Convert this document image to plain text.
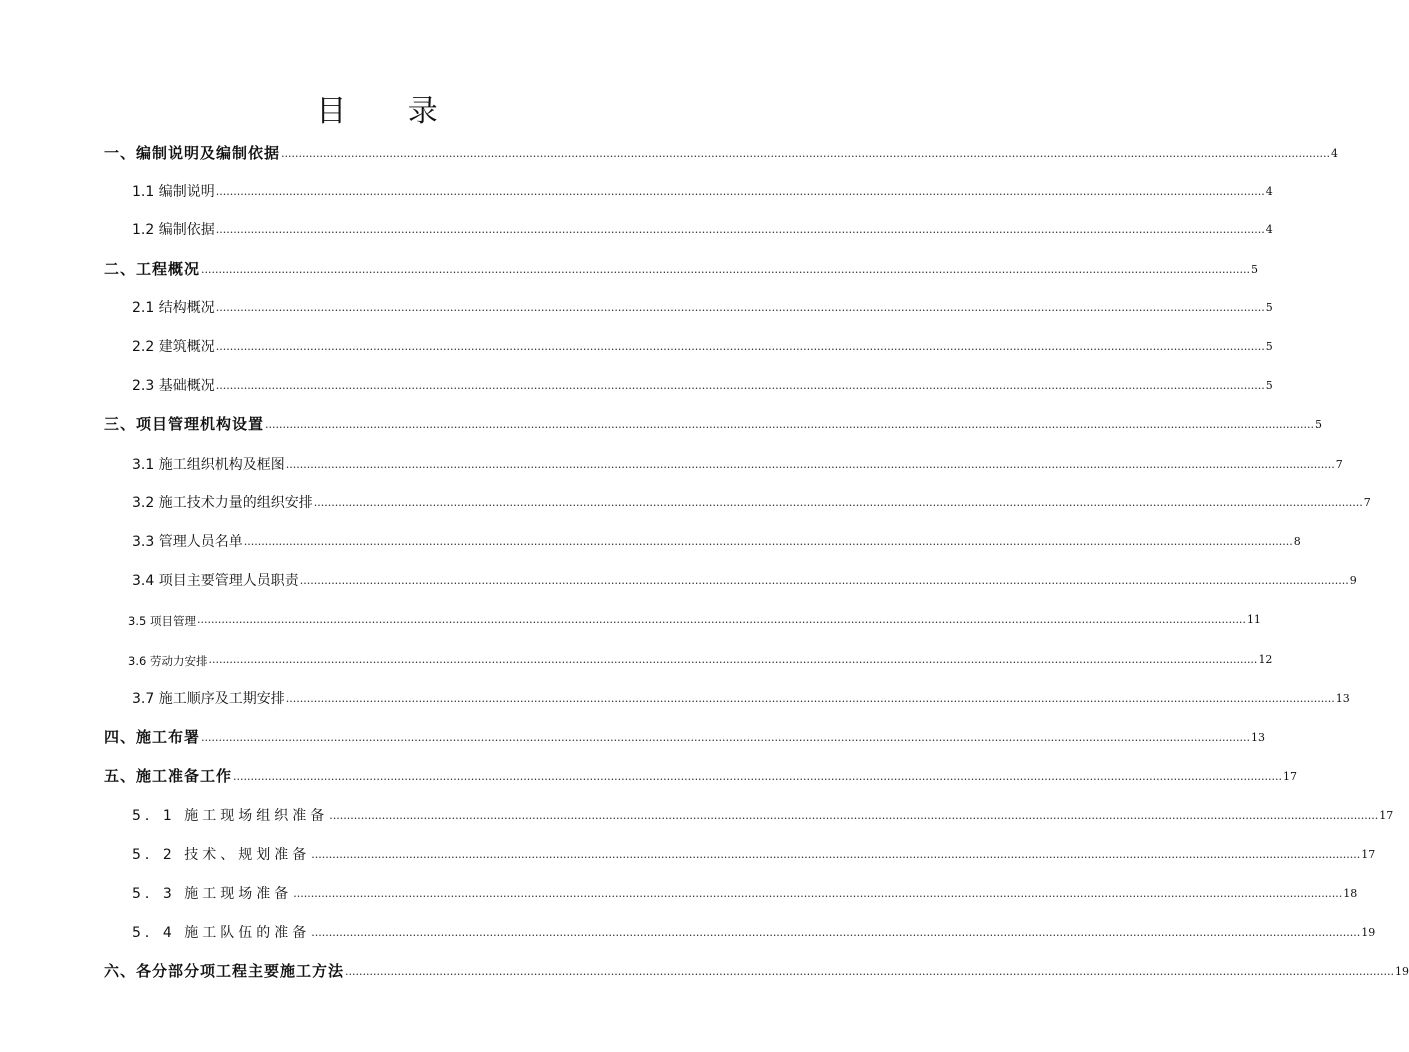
目 录
一、编制说明及编制依据 ............................................................................................................................................................................................................................................................................................................ 4
1.1 编制说明 ............................................................................................................................................................................................................................................................................................................ 4
1.2 编制依据 ............................................................................................................................................................................................................................................................................................................ 4
二、工程概况 ............................................................................................................................................................................................................................................................................................................ 5
2.1 结构概况 ............................................................................................................................................................................................................................................................................................................ 5
2.2 建筑概况 ............................................................................................................................................................................................................................................................................................................ 5
2.3 基础概况 ............................................................................................................................................................................................................................................................................................................ 5
三、项目管理机构设置 ............................................................................................................................................................................................................................................................................................................ 5
3.1 施工组织机构及框图 ............................................................................................................................................................................................................................................................................................................ 7
3.2 施工技术力量的组织安排 ............................................................................................................................................................................................................................................................................................................ 7
3.3 管理人员名单 ............................................................................................................................................................................................................................................................................................................ 8
3.4 项目主要管理人员职责 ............................................................................................................................................................................................................................................................................................................ 9
3.5 项目管理 ............................................................................................................................................................................................................................................................................................................ 11
3.6 劳动力安排 ............................................................................................................................................................................................................................................................................................................ 12
3.7 施工顺序及工期安排 ............................................................................................................................................................................................................................................................................................................ 13
四、施工布署 ............................................................................................................................................................................................................................................................................................................ 13
五、施工准备工作 ............................................................................................................................................................................................................................................................................................................ 17
5．1 施工现场组织准备 ............................................................................................................................................................................................................................................................................................................ 17
5．2 技术、规划准备 ............................................................................................................................................................................................................................................................................................................ 17
5．3 施工现场准备 ............................................................................................................................................................................................................................................................................................................ 18
5．4 施工队伍的准备 ............................................................................................................................................................................................................................................................................................................ 19
六、各分部分项工程主要施工方法 ............................................................................................................................................................................................................................................................................................................ 19
